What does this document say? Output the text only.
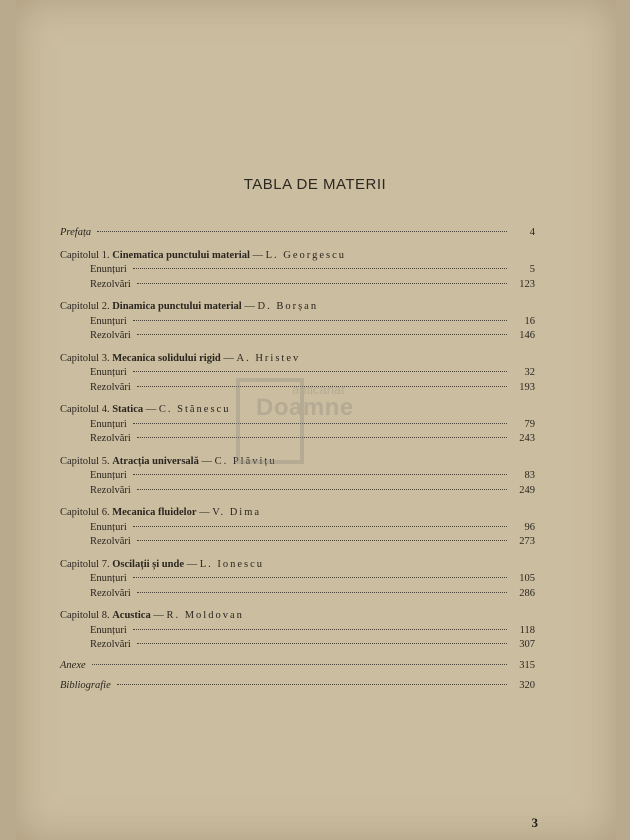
TABLA DE MATERII
Prefața	4
Capitolul 1. Cinematica punctului material — L. Georgescu
Enunțuri	5
Rezolvări	123
Capitolul 2. Dinamica punctului material — D. Borșan
Enunțuri	16
Rezolvări	146
Capitolul 3. Mecanica solidului rigid — A. Hristev
Enunțuri	32
Rezolvări	193
Capitolul 4. Statica — C. Stănescu
Enunțuri	79
Rezolvări	243
Capitolul 5. Atracția universală — C. Plăvițu
Enunțuri	83
Rezolvări	249
Capitolul 6. Mecanica fluidelor — V. Dima
Enunțuri	96
Rezolvări	273
Capitolul 7. Oscilații și unde — L. Ionescu
Enunțuri	105
Rezolvări	286
Capitolul 8. Acustica — R. Moldovan
Enunțuri	118
Rezolvări	307
Anexe	315
Bibliografie	320
anticariat
Doamne
3
